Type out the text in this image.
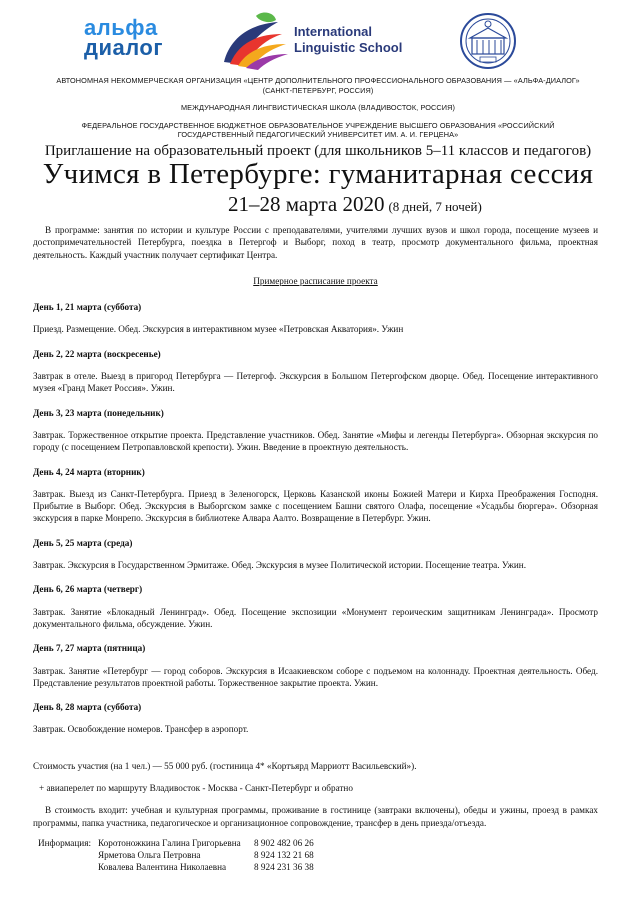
альфа
диалог
International
Linguistic School

АВТОНОМНАЯ НЕКОММЕРЧЕСКАЯ ОРГАНИЗАЦИЯ «ЦЕНТР ДОПОЛНИТЕЛЬНОГО ПРОФЕССИОНАЛЬНОГО ОБРАЗОВАНИЯ — «АЛЬФА-ДИАЛОГ»

(САНКТ-ПЕТЕРБУРГ, РОССИЯ)

МЕЖДУНАРОДНАЯ ЛИНГВИСТИЧЕСКАЯ ШКОЛА (ВЛАДИВОСТОК, РОССИЯ)

ФЕДЕРАЛЬНОЕ ГОСУДАРСТВЕННОЕ БЮДЖЕТНОЕ ОБРАЗОВАТЕЛЬНОЕ УЧРЕЖДЕНИЕ ВЫСШЕГО ОБРАЗОВАНИЯ «РОССИЙСКИЙ

ГОСУДАРСТВЕННЫЙ ПЕДАГОГИЧЕСКИЙ УНИВЕРСИТЕТ ИМ. А. И. ГЕРЦЕНА»

Приглашение на образовательный проект (для школьников 5–11 классов и педагогов)
Учимся в Петербурге: гуманитарная сессия
21–28 марта 2020 (8 дней, 7 ночей)

В программе: занятия по истории и культуре России с преподавателями, учителями лучших вузов и школ города, посещение музеев и достопримечательностей Петербурга, поездка в Петергоф и Выборг, поход в театр, просмотр документального фильма, проектная деятельность. Каждый участник получает сертификат Центра.

Примерное расписание проекта

День 1, 21 марта (суббота)

Приезд. Размещение. Обед. Экскурсия в интерактивном музее «Петровская Акватория». Ужин

День 2, 22 марта (воскресенье)

Завтрак в отеле. Выезд в пригород Петербурга — Петергоф. Экскурсия в Большом Петергофском дворце. Обед. Посещение интерактивного музея «Гранд Макет Россия». Ужин.

День 3, 23 марта (понедельник)

Завтрак. Торжественное открытие проекта. Представление участников. Обед. Занятие «Мифы и легенды Петербурга». Обзорная экскурсия по городу (с посещением Петропавловской крепости). Ужин. Введение в проектную деятельность.

День 4, 24 марта (вторник)

Завтрак. Выезд из Санкт-Петербурга. Приезд в Зеленогорск, Церковь Казанской иконы Божией Матери и Кирха Преображения Господня. Прибытие в Выборг. Обед. Экскурсия в Выборгском замке с посещением Башни святого Олафа, посещение «Усадьбы бюргера». Обзорная экскурсия в парке Монрепо. Экскурсия в библиотеке Алвара Аалто. Возвращение в Петербург. Ужин.

День 5, 25 марта (среда)

Завтрак. Экскурсия в Государственном Эрмитаже. Обед. Экскурсия в музее Политической истории. Посещение театра. Ужин.

День 6, 26 марта (четверг)

Завтрак. Занятие «Блокадный Ленинград». Обед. Посещение экспозиции «Монумент героическим защитникам Ленинграда». Просмотр документального фильма, обсуждение. Ужин.

День 7, 27 марта (пятница)

Завтрак. Занятие «Петербург — город соборов. Экскурсия в Исаакиевском соборе с подъемом на колоннаду. Проектная деятельность. Обед. Представление результатов проектной работы. Торжественное закрытие проекта. Ужин.

День 8, 28 марта (суббота)

Завтрак. Освобождение номеров. Трансфер в аэропорт.

Стоимость участия (на 1 чел.) — 55 000 руб. (гостиница 4* «Кортъярд Марриотт Васильевский»).

+ авиаперелет по маршруту Владивосток - Москва - Санкт-Петербург и обратно

В стоимость входит: учебная и культурная программы, проживание в гостинице (завтраки включены), обеды и ужины, проезд в рамках программы, папка участника, педагогическое и организационное сопровождение, трансфер в день приезда/отъезда.

Информация:	Коротоножкина Галина Григорьевна	8 902 482 06 26
	Ярметова Ольга Петровна	8 924 132 21 68
	Ковалева Валентина Николаевна	8 924 231 36 38
